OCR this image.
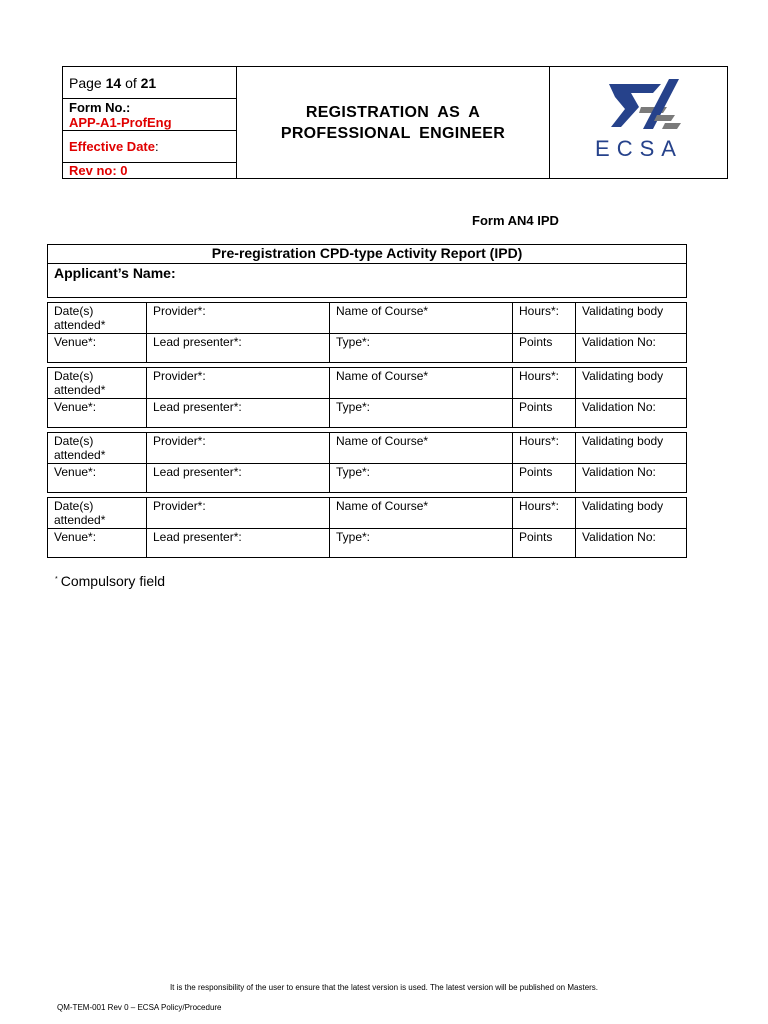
Page 14 of 21
Form No.:
APP-A1-ProfEng
Effective Date:
Rev no: 0

REGISTRATION AS A
PROFESSIONAL ENGINEER

ECSA
Form AN4 IPD
Pre-registration CPD-type Activity Report (IPD)				
Applicant’s Name:				

Date(s) attended*	Provider*:	Name of Course*	Hours*:	Validating body
Venue*:	Lead presenter*:	Type*:	Points	Validation No:

Date(s) attended*	Provider*:	Name of Course*	Hours*:	Validating body
Venue*:	Lead presenter*:	Type*:	Points	Validation No:

Date(s) attended*	Provider*:	Name of Course*	Hours*:	Validating body
Venue*:	Lead presenter*:	Type*:	Points	Validation No:

Date(s) attended*	Provider*:	Name of Course*	Hours*:	Validating body
Venue*:	Lead presenter*:	Type*:	Points	Validation No:
* Compulsory field
It is the responsibility of the user to ensure that the latest version is used. The latest version will be published on Masters.
QM-TEM-001 Rev 0 – ECSA Policy/Procedure
